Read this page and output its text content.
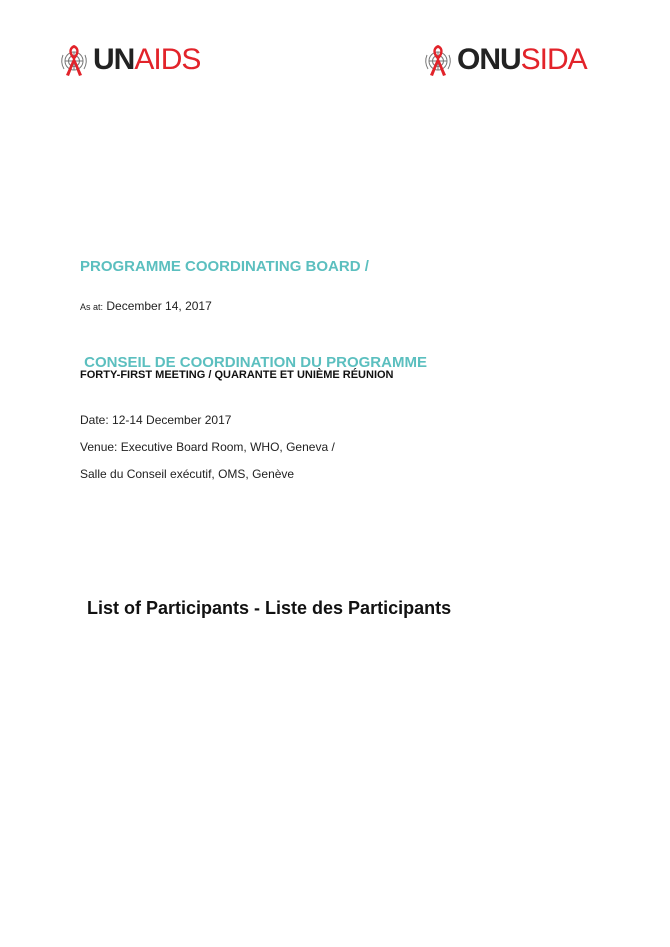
UNAIDS	ONUSIDA

PROGRAMME COORDINATING BOARD /

CONSEIL DE COORDINATION DU PROGRAMME

As at: December 14, 2017
FORTY-FIRST MEETING / QUARANTE ET UNIÈME RÉUNION
Date: 12-14 December 2017
Venue: Executive Board Room, WHO, Geneva /
Salle du Conseil exécutif, OMS, Genève
List of Participants - Liste des Participants
